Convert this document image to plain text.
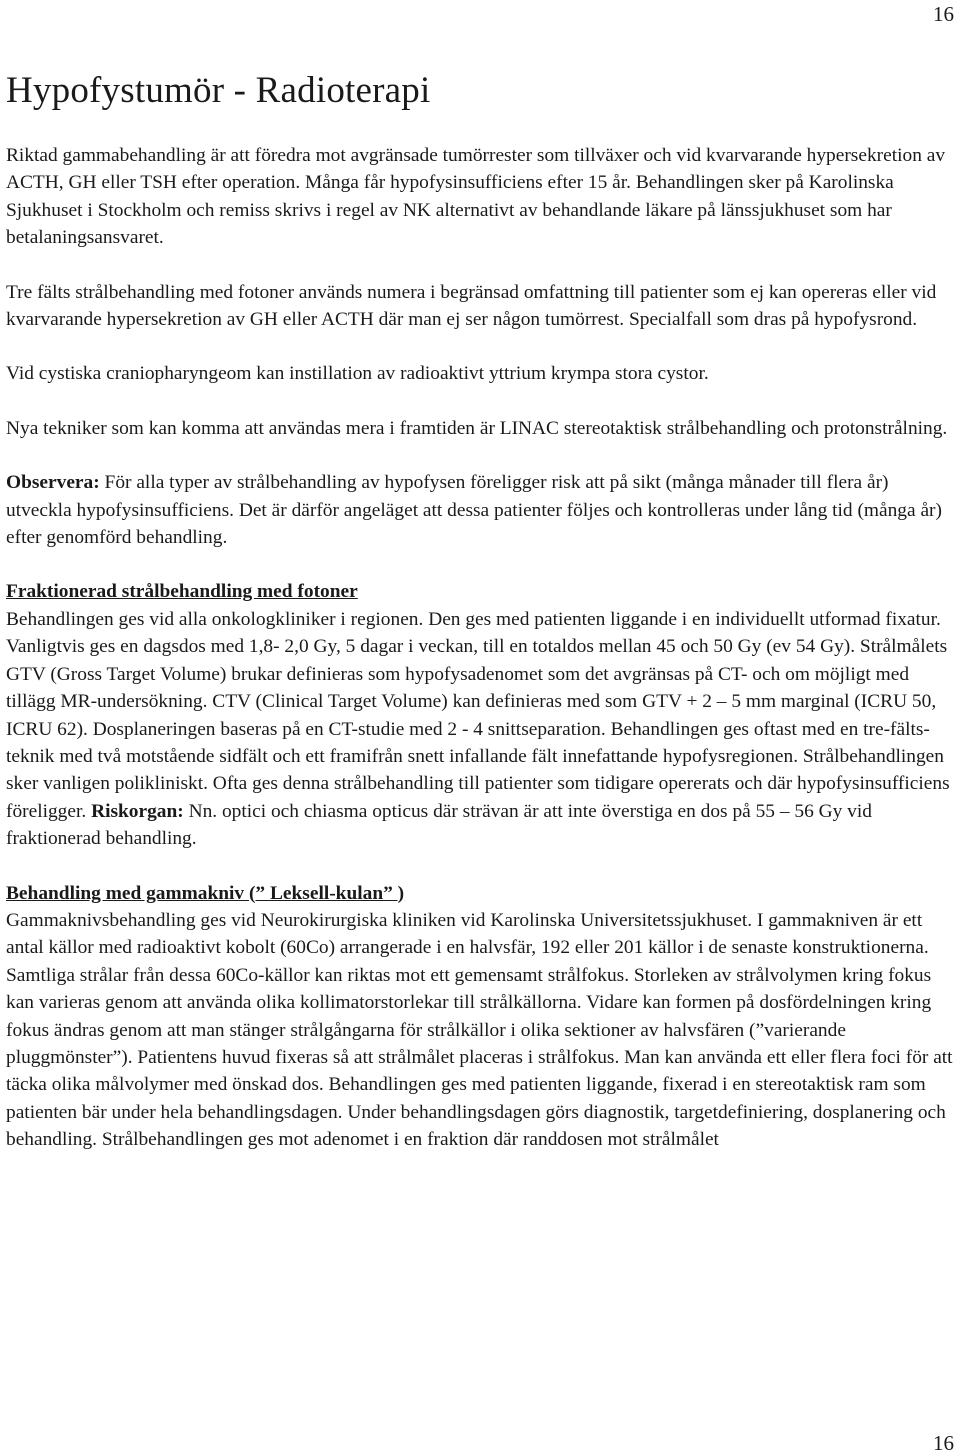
16
Hypofystumör - Radioterapi

Riktad gammabehandling är att föredra mot avgränsade tumörrester som tillväxer och vid kvarvarande hypersekretion av ACTH, GH eller TSH efter operation. Många får hypofysinsufficiens efter 15 år. Behandlingen sker på Karolinska Sjukhuset i Stockholm och remiss skrivs i regel av NK alternativt av behandlande läkare på länssjukhuset som har betalaningsansvaret.

Tre fälts strålbehandling med fotoner används numera i begränsad omfattning till patienter som ej kan opereras eller vid kvarvarande hypersekretion av GH eller ACTH där man ej ser någon tumörrest. Specialfall som dras på hypofysrond.

Vid cystiska craniopharyngeom kan instillation av radioaktivt yttrium krympa stora cystor.

Nya tekniker som kan komma att användas mera i framtiden är LINAC stereotaktisk strålbehandling och protonstrålning.

Observera: För alla typer av strålbehandling av hypofysen föreligger risk att på sikt (många månader till flera år) utveckla hypofysinsufficiens. Det är därför angeläget att dessa patienter följes och kontrolleras under lång tid (många år) efter genomförd behandling.

Fraktionerad strålbehandling med fotoner

Behandlingen ges vid alla onkologkliniker i regionen. Den ges med patienten liggande i en individuellt utformad fixatur. Vanligtvis ges en dagsdos med 1,8- 2,0 Gy, 5 dagar i veckan, till en totaldos mellan 45 och 50 Gy (ev 54 Gy). Strålmålets GTV (Gross Target Volume) brukar definieras som hypofysadenomet som det avgränsas på CT- och om möjligt med tillägg MR-undersökning. CTV (Clinical Target Volume) kan definieras med som GTV + 2 – 5 mm marginal (ICRU 50, ICRU 62). Dosplaneringen baseras på en CT-studie med 2 - 4 snittseparation. Behandlingen ges oftast med en tre-fälts-teknik med två motstående sidfält och ett framifrån snett infallande fält innefattande hypofysregionen. Strålbehandlingen sker vanligen polikliniskt. Ofta ges denna strålbehandling till patienter som tidigare opererats och där hypofysinsufficiens föreligger. Riskorgan: Nn. optici och chiasma opticus där strävan är att inte överstiga en dos på 55 – 56 Gy vid fraktionerad behandling.

Behandling med gammakniv (” Leksell-kulan” )

Gammaknivsbehandling ges vid Neurokirurgiska kliniken vid Karolinska Universitetssjukhuset. I gammakniven är ett antal källor med radioaktivt kobolt (60Co) arrangerade i en halvsfär, 192 eller 201 källor i de senaste konstruktionerna. Samtliga strålar från dessa 60Co-källor kan riktas mot ett gemensamt strålfokus. Storleken av strålvolymen kring fokus kan varieras genom att använda olika kollimatorstorlekar till strålkällorna. Vidare kan formen på dosfördelningen kring fokus ändras genom att man stänger strålgångarna för strålkällor i olika sektioner av halvsfären (”varierande pluggmönster”). Patientens huvud fixeras så att strålmålet placeras i strålfokus. Man kan använda ett eller flera foci för att täcka olika målvolymer med önskad dos. Behandlingen ges med patienten liggande, fixerad i en stereotaktisk ram som patienten bär under hela behandlingsdagen. Under behandlingsdagen görs diagnostik, targetdefiniering, dosplanering och behandling. Strålbehandlingen ges mot adenomet i en fraktion där randdosen mot strålmålet

16
